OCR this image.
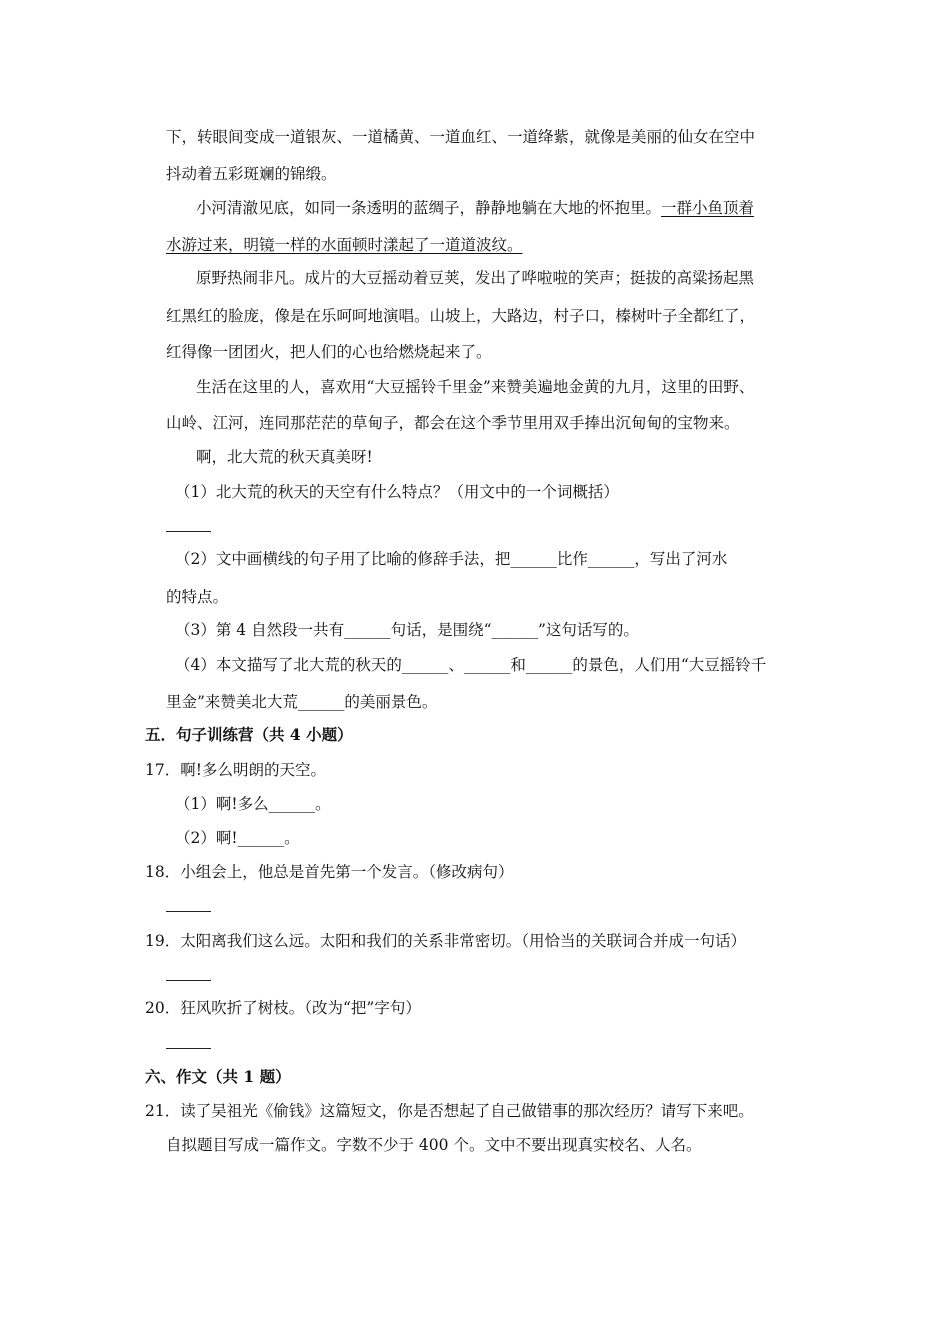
下，转眼间变成一道银灰、一道橘黄、一道血红、一道绛紫，就像是美丽的仙女在空中
抖动着五彩斑斓的锦缎。
小河清澈见底，如同一条透明的蓝绸子，静静地躺在大地的怀抱里。一群小鱼顶着
水游过来，明镜一样的水面顿时漾起了一道道波纹。
原野热闹非凡。成片的大豆摇动着豆荚，发出了哗啦啦的笑声；挺拔的高粱扬起黑
红黑红的脸庞，像是在乐呵呵地演唱。山坡上，大路边，村子口，榛树叶子全都红了，
红得像一团团火，把人们的心也给燃烧起来了。
生活在这里的人，喜欢用“大豆摇铃千里金”来赞美遍地金黄的九月，这里的田野、
山岭、江河，连同那茫茫的草甸子，都会在这个季节里用双手捧出沉甸甸的宝物来。
啊，北大荒的秋天真美呀!
（1）北大荒的秋天的天空有什么特点？（用文中的一个词概括）
（2）文中画横线的句子用了比喻的修辞手法，把______比作______，写出了河水
的特点。
（3）第 4 自然段一共有______句话，是围绕“______”这句话写的。
（4）本文描写了北大荒的秋天的______、______和______的景色，人们用“大豆摇铃千
里金”来赞美北大荒______的美丽景色。
五．句子训练营（共 4 小题）
17．啊!多么明朗的天空。
（1）啊!多么______。
（2）啊!______。
18．小组会上，他总是首先第一个发言。（修改病句）
19．太阳离我们这么远。太阳和我们的关系非常密切。（用恰当的关联词合并成一句话）
20．狂风吹折了树枝。（改为“把”字句）
六、作文（共 1 题）
21．读了吴祖光《偷钱》这篇短文，你是否想起了自己做错事的那次经历？请写下来吧。
自拟题目写成一篇作文。字数不少于 400 个。文中不要出现真实校名、人名。
